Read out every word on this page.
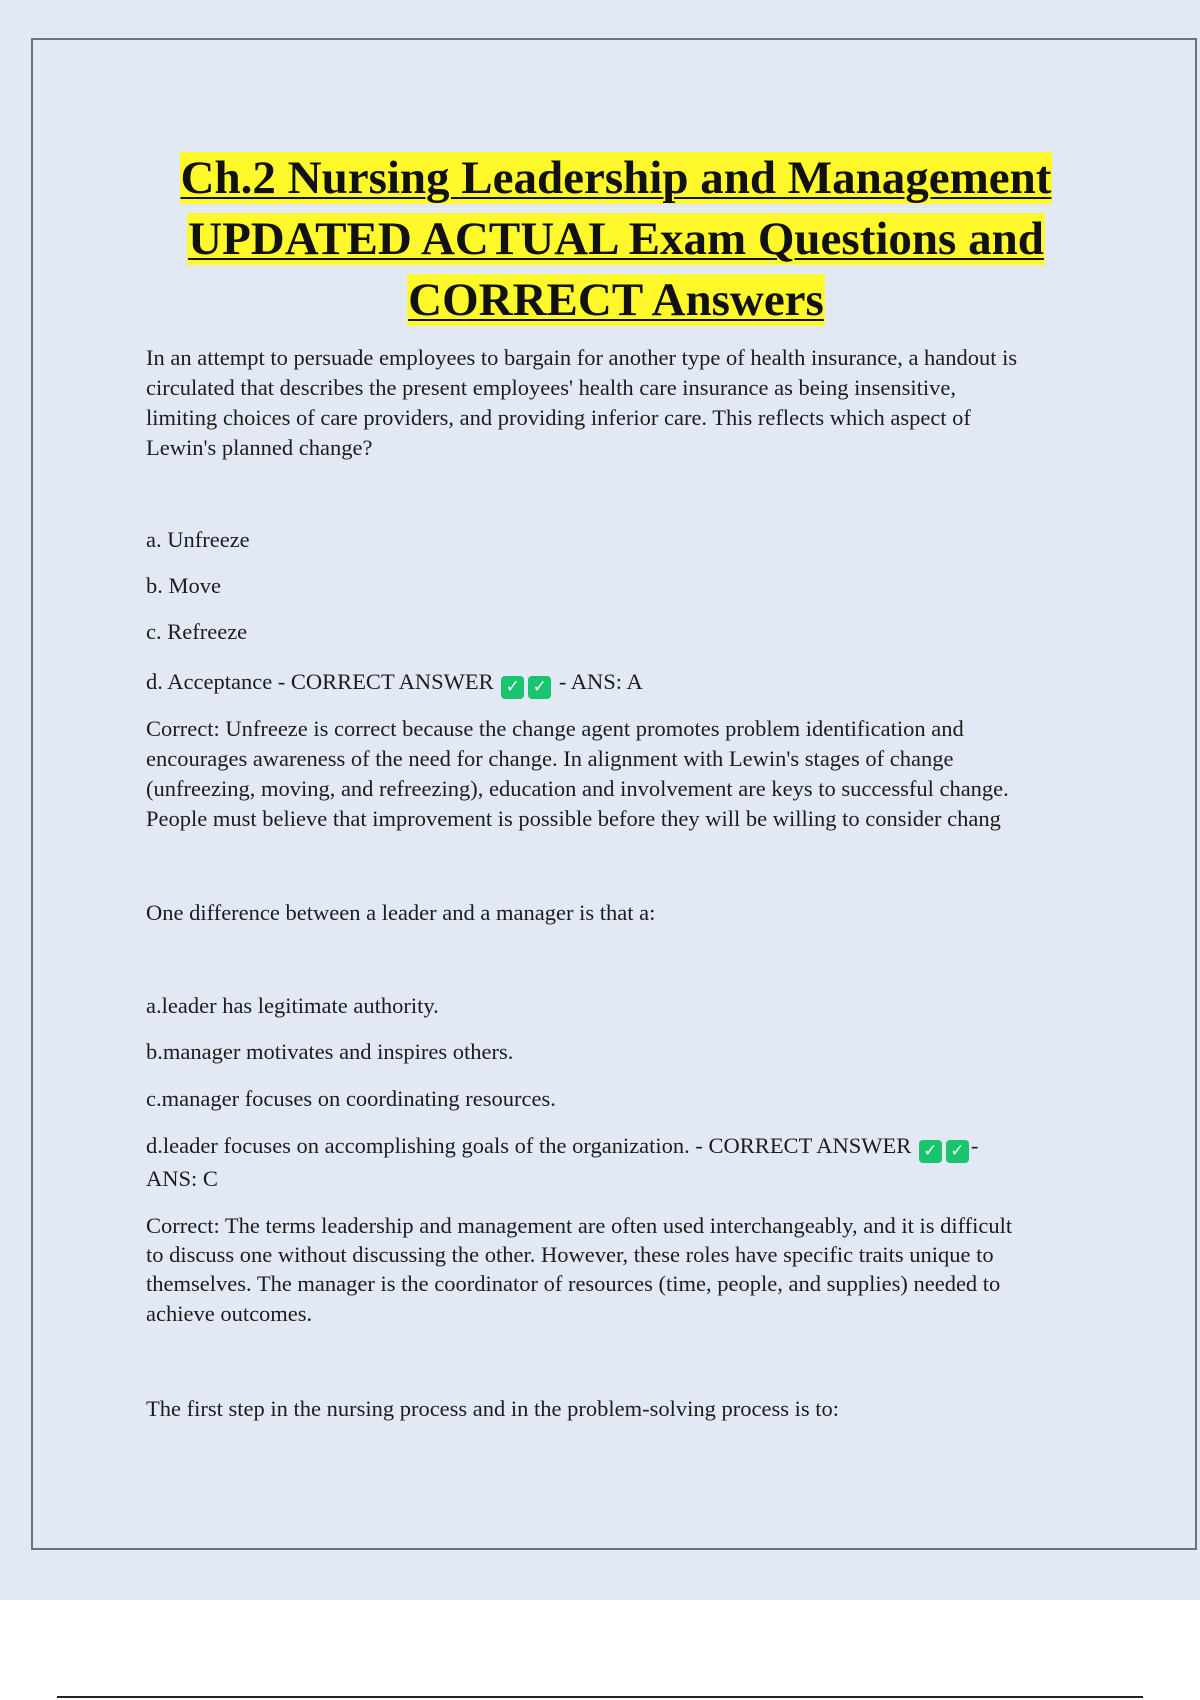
Ch.2 Nursing Leadership and Management
UPDATED ACTUAL Exam Questions and
CORRECT Answers

In an attempt to persuade employees to bargain for another type of health insurance, a handout is

circulated that describes the present employees' health care insurance as being insensitive,

limiting choices of care providers, and providing inferior care. This reflects which aspect of

Lewin's planned change?

a. Unfreeze

b. Move

c. Refreeze

d. Acceptance - CORRECT ANSWER ✓ ✓ - ANS: A

Correct: Unfreeze is correct because the change agent promotes problem identification and

encourages awareness of the need for change. In alignment with Lewin's stages of change

(unfreezing, moving, and refreezing), education and involvement are keys to successful change.

People must believe that improvement is possible before they will be willing to consider chang

One difference between a leader and a manager is that a:

a.leader has legitimate authority.

b.manager motivates and inspires others.

c.manager focuses on coordinating resources.

d.leader focuses on accomplishing goals of the organization. - CORRECT ANSWER ✓ ✓ -

ANS: C

Correct: The terms leadership and management are often used interchangeably, and it is difficult

to discuss one without discussing the other. However, these roles have specific traits unique to

themselves. The manager is the coordinator of resources (time, people, and supplies) needed to

achieve outcomes.

The first step in the nursing process and in the problem-solving process is to:
